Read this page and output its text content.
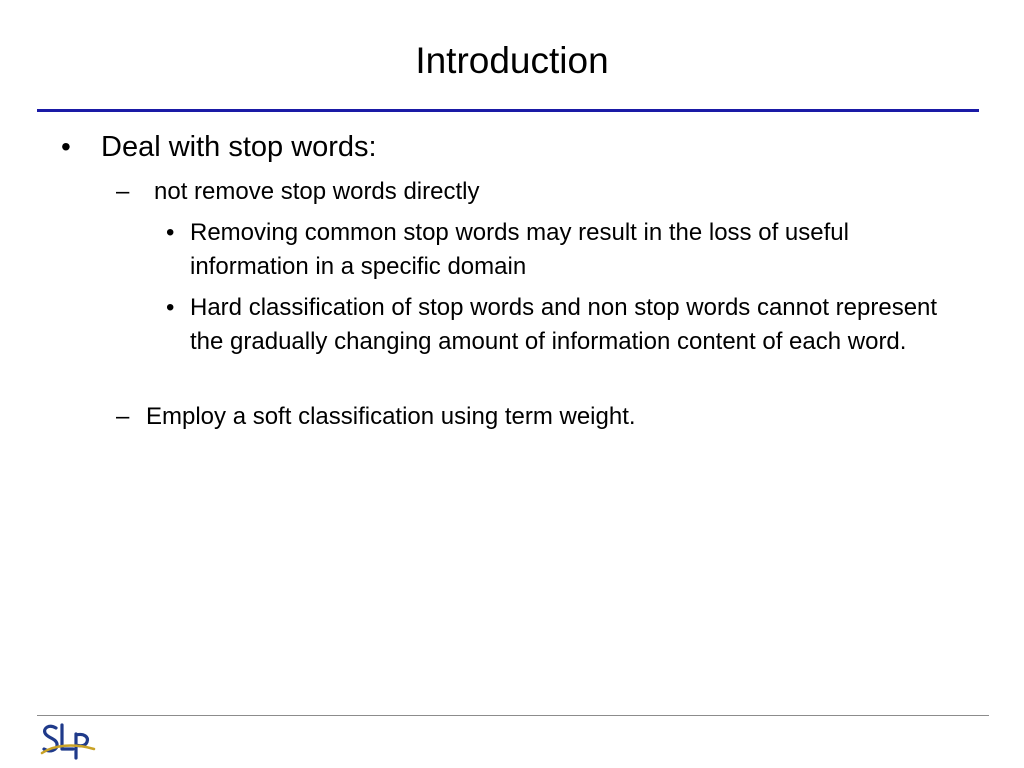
Introduction
• Deal with stop words:
– not remove stop words directly
• Removing common stop words may result in the loss of useful information in a specific domain
• Hard classification of stop words and non stop words cannot represent the gradually changing amount of information content of each word.
– Employ a soft classification using term weight.
